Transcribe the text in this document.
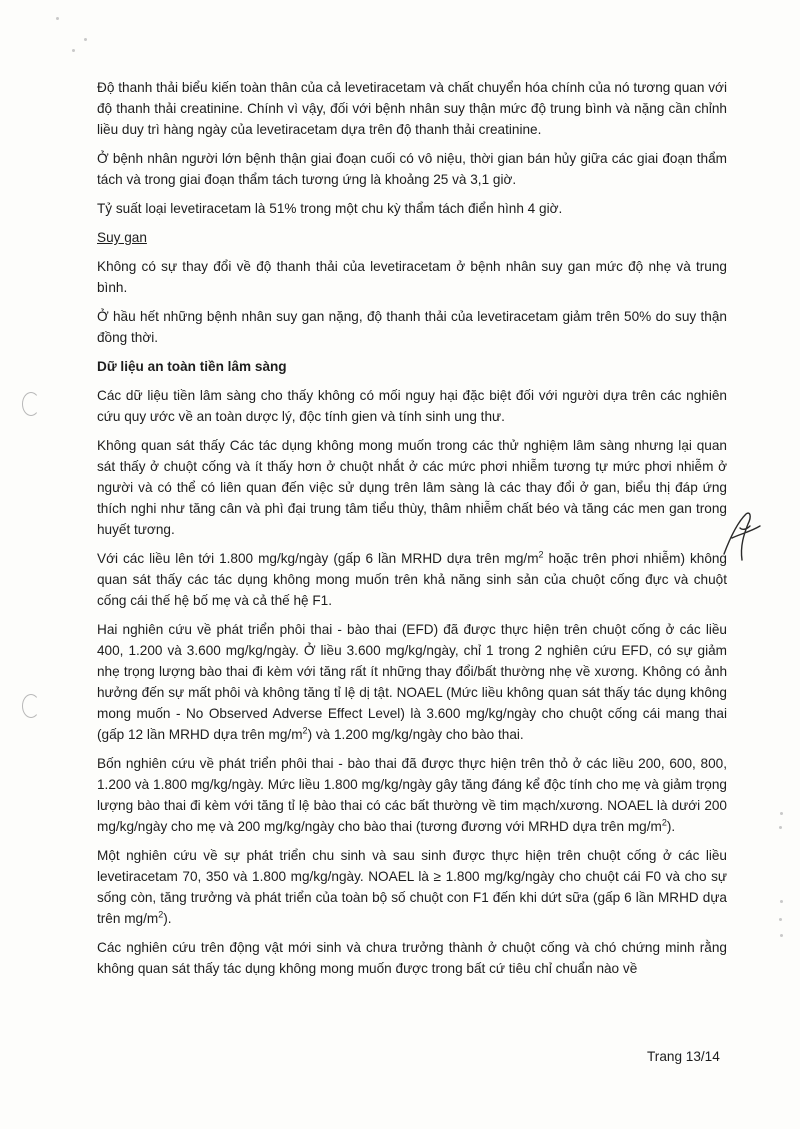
Độ thanh thải biểu kiến toàn thân của cả levetiracetam và chất chuyển hóa chính của nó tương quan với độ thanh thải creatinine. Chính vì vậy, đối với bệnh nhân suy thận mức độ trung bình và nặng cần chỉnh liều duy trì hàng ngày của levetiracetam dựa trên độ thanh thải creatinine.

Ở bệnh nhân người lớn bệnh thận giai đoạn cuối có vô niệu, thời gian bán hủy giữa các giai đoạn thẩm tách và trong giai đoạn thẩm tách tương ứng là khoảng 25 và 3,1 giờ.

Tỷ suất loại levetiracetam là 51% trong một chu kỳ thẩm tách điển hình 4 giờ.

Suy gan

Không có sự thay đổi về độ thanh thải của levetiracetam ở bệnh nhân suy gan mức độ nhẹ và trung bình.

Ở hầu hết những bệnh nhân suy gan nặng, độ thanh thải của levetiracetam giảm trên 50% do suy thận đồng thời.

Dữ liệu an toàn tiền lâm sàng

Các dữ liệu tiền lâm sàng cho thấy không có mối nguy hại đặc biệt đối với người dựa trên các nghiên cứu quy ước về an toàn dược lý, độc tính gien và tính sinh ung thư.

Không quan sát thấy Các tác dụng không mong muốn trong các thử nghiệm lâm sàng nhưng lại quan sát thấy ở chuột cống và ít thấy hơn ở chuột nhắt ở các mức phơi nhiễm tương tự mức phơi nhiễm ở người và có thể có liên quan đến việc sử dụng trên lâm sàng là các thay đổi ở gan, biểu thị đáp ứng thích nghi như tăng cân và phì đại trung tâm tiểu thùy, thâm nhiễm chất béo và tăng các men gan trong huyết tương.

Với các liều lên tới 1.800 mg/kg/ngày (gấp 6 lần MRHD dựa trên $mg/m^2$ hoặc trên phơi nhiễm) không quan sát thấy các tác dụng không mong muốn trên khả năng sinh sản của chuột cống đực và chuột cống cái thế hệ bố mẹ và cả thế hệ F1.

Hai nghiên cứu về phát triển phôi thai - bào thai (EFD) đã được thực hiện trên chuột cống ở các liều 400, 1.200 và 3.600 mg/kg/ngày. Ở liều 3.600 mg/kg/ngày, chỉ 1 trong 2 nghiên cứu EFD, có sự giảm nhẹ trọng lượng bào thai đi kèm với tăng rất ít những thay đổi/bất thường nhẹ về xương. Không có ảnh hưởng đến sự mất phôi và không tăng tỉ lệ dị tật. NOAEL (Mức liều không quan sát thấy tác dụng không mong muốn - No Observed Adverse Effect Level) là 3.600 mg/kg/ngày cho chuột cống cái mang thai (gấp 12 lần MRHD dựa trên $mg/m^2$) và 1.200 mg/kg/ngày cho bào thai.

Bốn nghiên cứu về phát triển phôi thai - bào thai đã được thực hiện trên thỏ ở các liều 200, 600, 800, 1.200 và 1.800 mg/kg/ngày. Mức liều 1.800 mg/kg/ngày gây tăng đáng kể độc tính cho mẹ và giảm trọng lượng bào thai đi kèm với tăng tỉ lệ bào thai có các bất thường về tim mạch/xương. NOAEL là dưới 200 mg/kg/ngày cho mẹ và 200 mg/kg/ngày cho bào thai (tương đương với MRHD dựa trên $mg/m^2$).

Một nghiên cứu về sự phát triển chu sinh và sau sinh được thực hiện trên chuột cống ở các liều levetiracetam 70, 350 và 1.800 mg/kg/ngày. NOAEL là ≥ 1.800 mg/kg/ngày cho chuột cái F0 và cho sự sống còn, tăng trưởng và phát triển của toàn bộ số chuột con F1 đến khi dứt sữa (gấp 6 lần MRHD dựa trên $mg/m^2$).

Các nghiên cứu trên động vật mới sinh và chưa trưởng thành ở chuột cống và chó chứng minh rằng không quan sát thấy tác dụng không mong muốn được trong bất cứ tiêu chỉ chuẩn nào về

Trang 13/14
